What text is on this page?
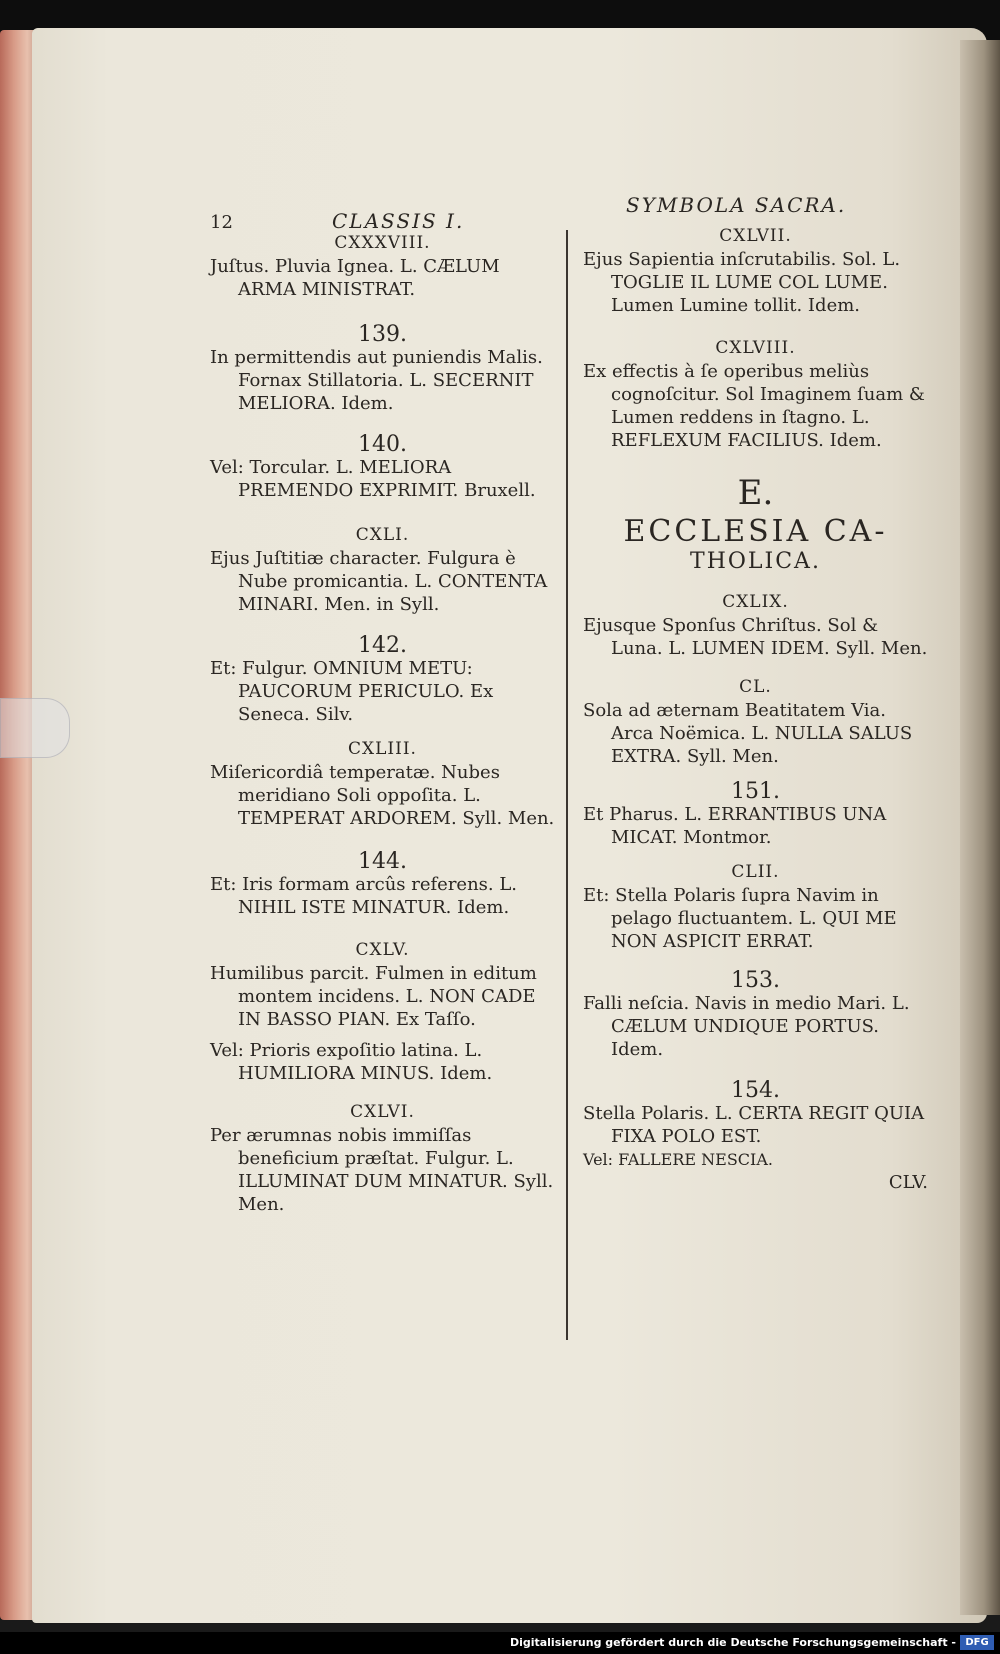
12	CLASSIS I.
SYMBOLA SACRA.
CXXXVIII.
Juſtus. Pluvia Ignea. L. CÆLUM ARMA MINISTRAT.
139.
In permittendis aut puniendis Malis. Fornax Stillatoria. L. SECERNIT MELIORA. Idem.
140.
Vel: Torcular. L. MELIORA PREMENDO EXPRIMIT. Bruxell.
CXLI.
Ejus Juſtitiæ character. Fulgura è Nube promicantia. L. CONTENTA MINARI. Men. in Syll.
142.
Et: Fulgur. OMNIUM METU: PAUCORUM PERICULO. Ex Seneca. Silv.
CXLIII.
Miſericordiâ temperatæ. Nubes meridiano Soli oppoſita. L. TEMPERAT ARDOREM. Syll. Men.
144.
Et: Iris formam arcûs referens. L. NIHIL ISTE MINATUR. Idem.
CXLV.
Humilibus parcit. Fulmen in editum montem incidens. L. NON CADE IN BASSO PIAN. Ex Taſſo.
Vel: Prioris expoſitio latina. L. HUMILIORA MINUS. Idem.
CXLVI.
Per ærumnas nobis immiſſas beneficium præſtat. Fulgur. L. ILLUMINAT DUM MINATUR. Syll. Men.
CXLVII.
Ejus Sapientia inſcrutabilis. Sol. L. TOGLIE IL LUME COL LUME. Lumen Lumine tollit. Idem.
CXLVIII.
Ex effectis à ſe operibus meliùs cognoſcitur. Sol Imaginem ſuam & Lumen reddens in ſtagno. L. REFLEXUM FACILIUS. Idem.
E.
ECCLESIA CA-
THOLICA.
CXLIX.
Ejusque Sponſus Chriſtus. Sol & Luna. L. LUMEN IDEM. Syll. Men.
CL.
Sola ad æternam Beatitatem Via. Arca Noëmica. L. NULLA SALUS EXTRA. Syll. Men.
151.
Et Pharus. L. ERRANTIBUS UNA MICAT. Montmor.
CLII.
Et: Stella Polaris ſupra Navim in pelago fluctuantem. L. QUI ME NON ASPICIT ERRAT.
153.
Falli neſcia. Navis in medio Mari. L. CÆLUM UNDIQUE PORTUS. Idem.
154.
Stella Polaris. L. CERTA REGIT QUIA FIXA POLO EST.
Vel: FALLERE NESCIA.
CLV.
Digitalisierung gefördert durch die Deutsche Forschungsgemeinschaft - DFG
